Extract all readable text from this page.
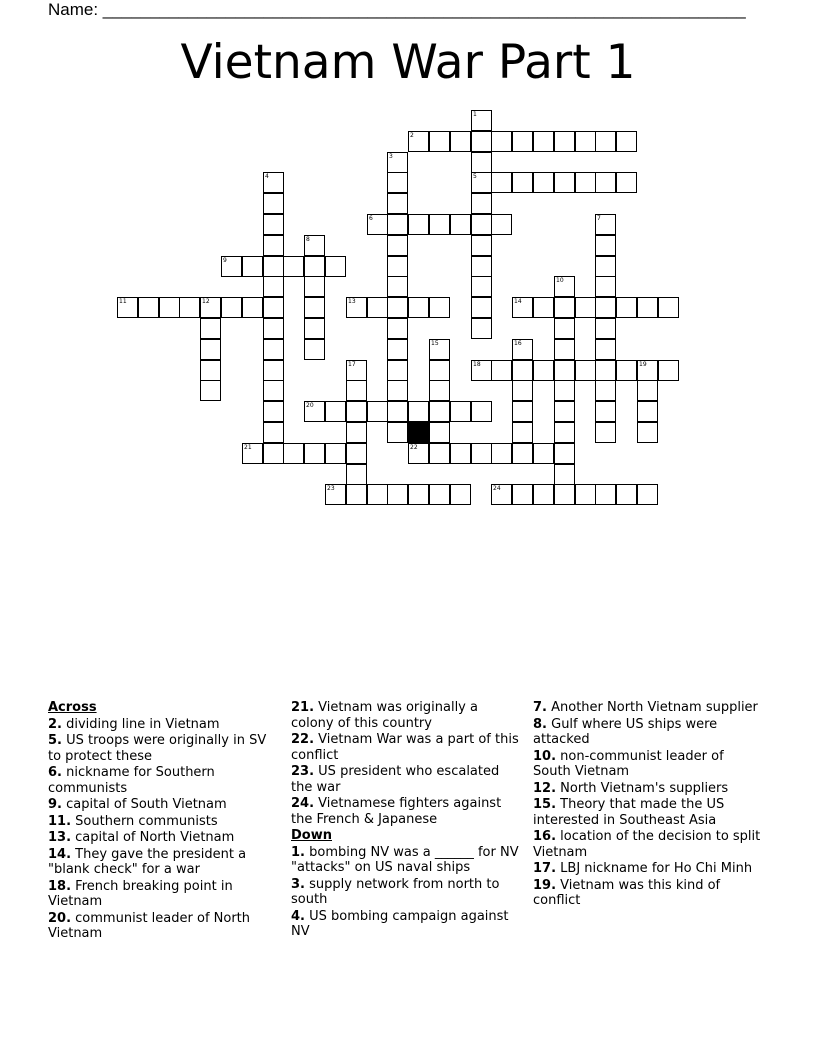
Name: ____________________________________________________________________
Vietnam War Part 1
1
5
2
3
4
6	7
8
9
10
11	12	13	14
15	16
17	18	19
20
21	22
23	24
Across
2. dividing line in Vietnam
5. US troops were originally in SV to protect these
6. nickname for Southern communists
9. capital of South Vietnam
11. Southern communists
13. capital of North Vietnam
14. They gave the president a "blank check" for a war
18. French breaking point in Vietnam
20. communist leader of North Vietnam
21. Vietnam was originally a colony of this country
22. Vietnam War was a part of this conflict
23. US president who escalated the war
24. Vietnamese fighters against the French & Japanese
Down
1. bombing NV was a ______ for NV "attacks" on US naval ships
3. supply network from north to south
4. US bombing campaign against NV
7. Another North Vietnam supplier
8. Gulf where US ships were attacked
10. non-communist leader of South Vietnam
12. North Vietnam's suppliers
15. Theory that made the US interested in Southeast Asia
16. location of the decision to split Vietnam
17. LBJ nickname for Ho Chi Minh
19. Vietnam was this kind of conflict
